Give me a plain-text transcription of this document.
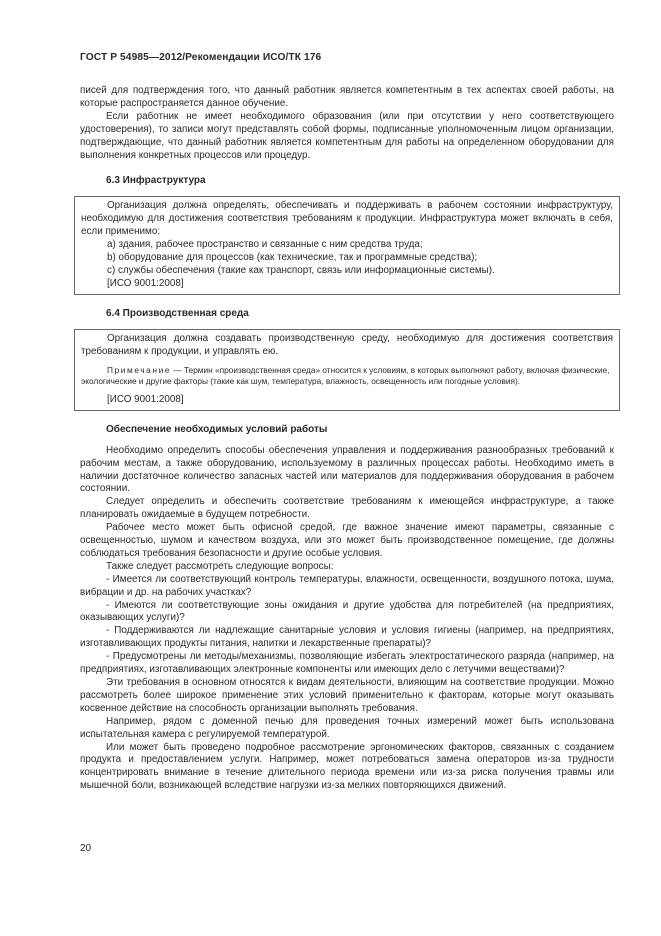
ГОСТ Р 54985—2012/Рекомендации ИСО/ТК 176

писей для подтверждения того, что данный работник является компетентным в тех аспектах своей работы, на которые распространяется данное обучение.

Если работник не имеет необходимого образования (или при отсутствии у него соответствующего удостоверения), то записи могут представлять собой формы, подписанные уполномоченным лицом организации, подтверждающие, что данный работник является компетентным для работы на определенном оборудовании для выполнения конкретных процессов или процедур.

6.3 Инфраструктура

Организация должна определять, обеспечивать и поддерживать в рабочем состоянии инфраструктуру, необходимую для достижения соответствия требованиям к продукции. Инфраструктура может включать в себя, если применимо:

a) здания, рабочее пространство и связанные с ним средства труда;

b) оборудование для процессов (как технические, так и программные средства);

c) службы обеспечения (такие как транспорт, связь или информационные системы).

[ИСО 9001:2008]

6.4 Производственная среда

Организация должна создавать производственную среду, необходимую для достижения соответствия требованиям к продукции, и управлять ею.

Примечание — Термин «производственная среда» относится к условиям, в которых выполняют работу, включая физические, экологические и другие факторы (такие как шум, температура, влажность, освещенность или погодные условия).

[ИСО 9001:2008]

Обеспечение необходимых условий работы

Необходимо определить способы обеспечения управления и поддерживания разнообразных требований к рабочим местам, а также оборудованию, используемому в различных процессах работы. Необходимо иметь в наличии достаточное количество запасных частей или материалов для поддерживания оборудования в рабочем состоянии.

Следует определить и обеспечить соответствие требованиям к имеющейся инфраструктуре, а также планировать ожидаемые в будущем потребности.

Рабочее место может быть офисной средой, где важное значение имеют параметры, связанные с освещенностью, шумом и качеством воздуха, или это может быть производственное помещение, где должны соблюдаться требования безопасности и другие особые условия.

Также следует рассмотреть следующие вопросы:

- Имеется ли соответствующий контроль температуры, влажности, освещенности, воздушного потока, шума, вибрации и др. на рабочих участках?

- Имеются ли соответствующие зоны ожидания и другие удобства для потребителей (на предприятиях, оказывающих услуги)?

- Поддерживаются ли надлежащие санитарные условия и условия гигиены (например, на предприятиях, изготавливающих продукты питания, напитки и лекарственные препараты)?

- Предусмотрены ли методы/механизмы, позволяющие избегать электростатического разряда (например, на предприятиях, изготавливающих электронные компоненты или имеющих дело с летучими веществами)?

Эти требования в основном относятся к видам деятельности, влияющим на соответствие продукции. Можно рассмотреть более широкое применение этих условий применительно к факторам, которые могут оказывать косвенное действие на способность организации выполнять требования.

Например, рядом с доменной печью для проведения точных измерений может быть использована испытательная камера с регулируемой температурой.

Или может быть проведено подробное рассмотрение эргономических факторов, связанных с созданием продукта и предоставлением услуги. Например, может потребоваться замена операторов из-за трудности концентрировать внимание в течение длительного периода времени или из-за риска получения травмы или мышечной боли, возникающей вследствие нагрузки из-за мелких повторяющихся движений.

20
